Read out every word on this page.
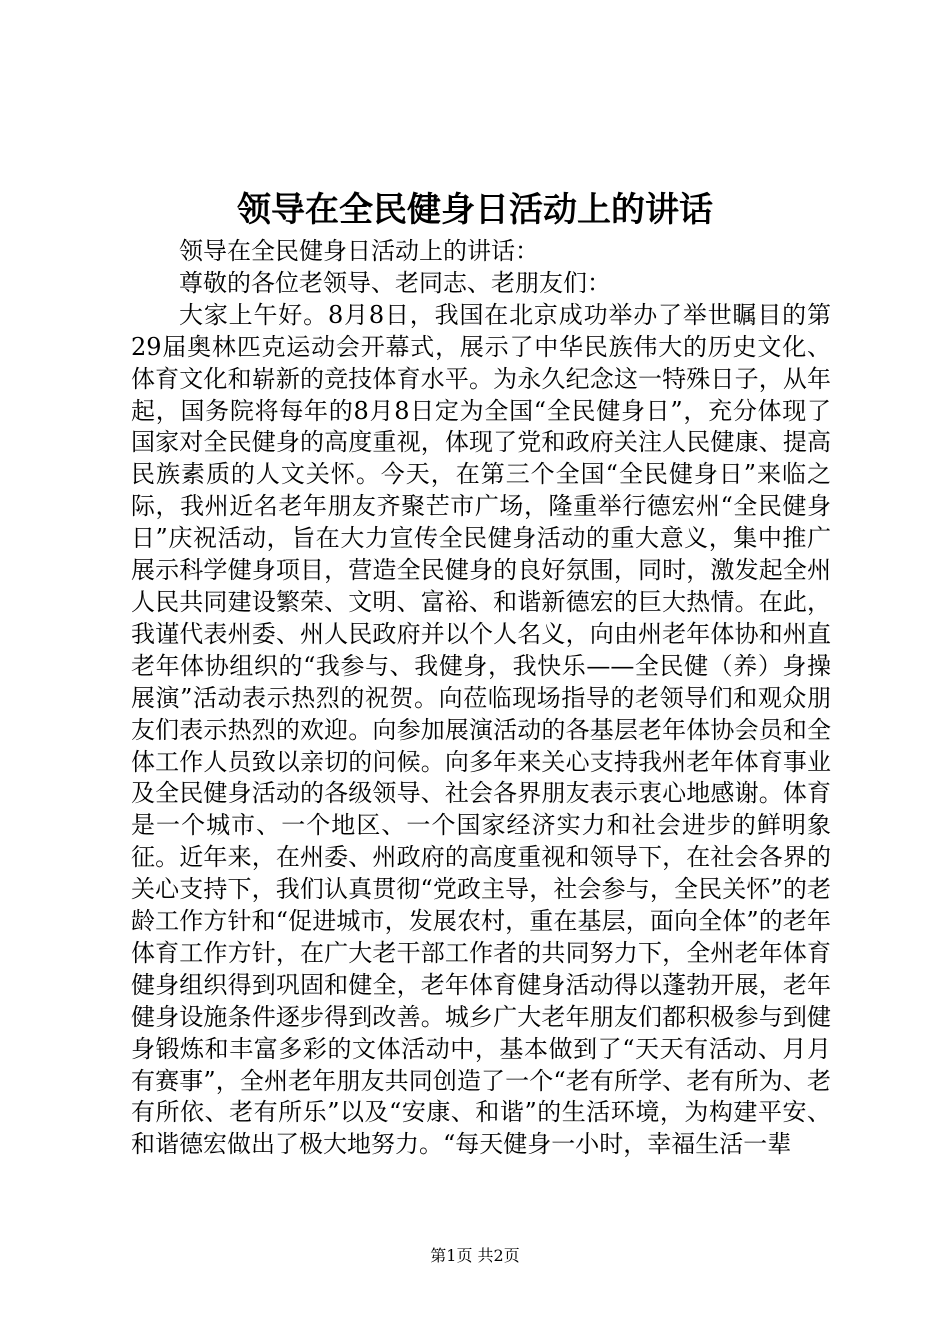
领导在全民健身日活动上的讲话

领导在全民健身日活动上的讲话：

尊敬的各位老领导、老同志、老朋友们：

大家上午好。8月8日，我国在北京成功举办了举世瞩目的第29届奥林匹克运动会开幕式，展示了中华民族伟大的历史文化、体育文化和崭新的竞技体育水平。为永久纪念这一特殊日子，从年起，国务院将每年的8月8日定为全国“全民健身日”，充分体现了国家对全民健身的高度重视，体现了党和政府关注人民健康、提高民族素质的人文关怀。今天，在第三个全国“全民健身日”来临之际，我州近名老年朋友齐聚芒市广场，隆重举行德宏州“全民健身日”庆祝活动，旨在大力宣传全民健身活动的重大意义，集中推广展示科学健身项目，营造全民健身的良好氛围，同时，激发起全州人民共同建设繁荣、文明、富裕、和谐新德宏的巨大热情。在此，我谨代表州委、州人民政府并以个人名义，向由州老年体协和州直老年体协组织的“我参与、我健身，我快乐——全民健（养）身操展演”活动表示热烈的祝贺。向莅临现场指导的老领导们和观众朋友们表示热烈的欢迎。向参加展演活动的各基层老年体协会员和全体工作人员致以亲切的问候。向多年来关心支持我州老年体育事业及全民健身活动的各级领导、社会各界朋友表示衷心地感谢。体育是一个城市、一个地区、一个国家经济实力和社会进步的鲜明象征。近年来，在州委、州政府的高度重视和领导下，在社会各界的关心支持下，我们认真贯彻“党政主导，社会参与，全民关怀”的老龄工作方针和“促进城市，发展农村，重在基层，面向全体”的老年体育工作方针，在广大老干部工作者的共同努力下，全州老年体育健身组织得到巩固和健全，老年体育健身活动得以蓬勃开展，老年健身设施条件逐步得到改善。城乡广大老年朋友们都积极参与到健身锻炼和丰富多彩的文体活动中，基本做到了“天天有活动、月月有赛事”，全州老年朋友共同创造了一个“老有所学、老有所为、老有所依、老有所乐”以及“安康、和谐”的生活环境，为构建平安、和谐德宏做出了极大地努力。“每天健身一小时，幸福生活一辈

第1页 共2页
